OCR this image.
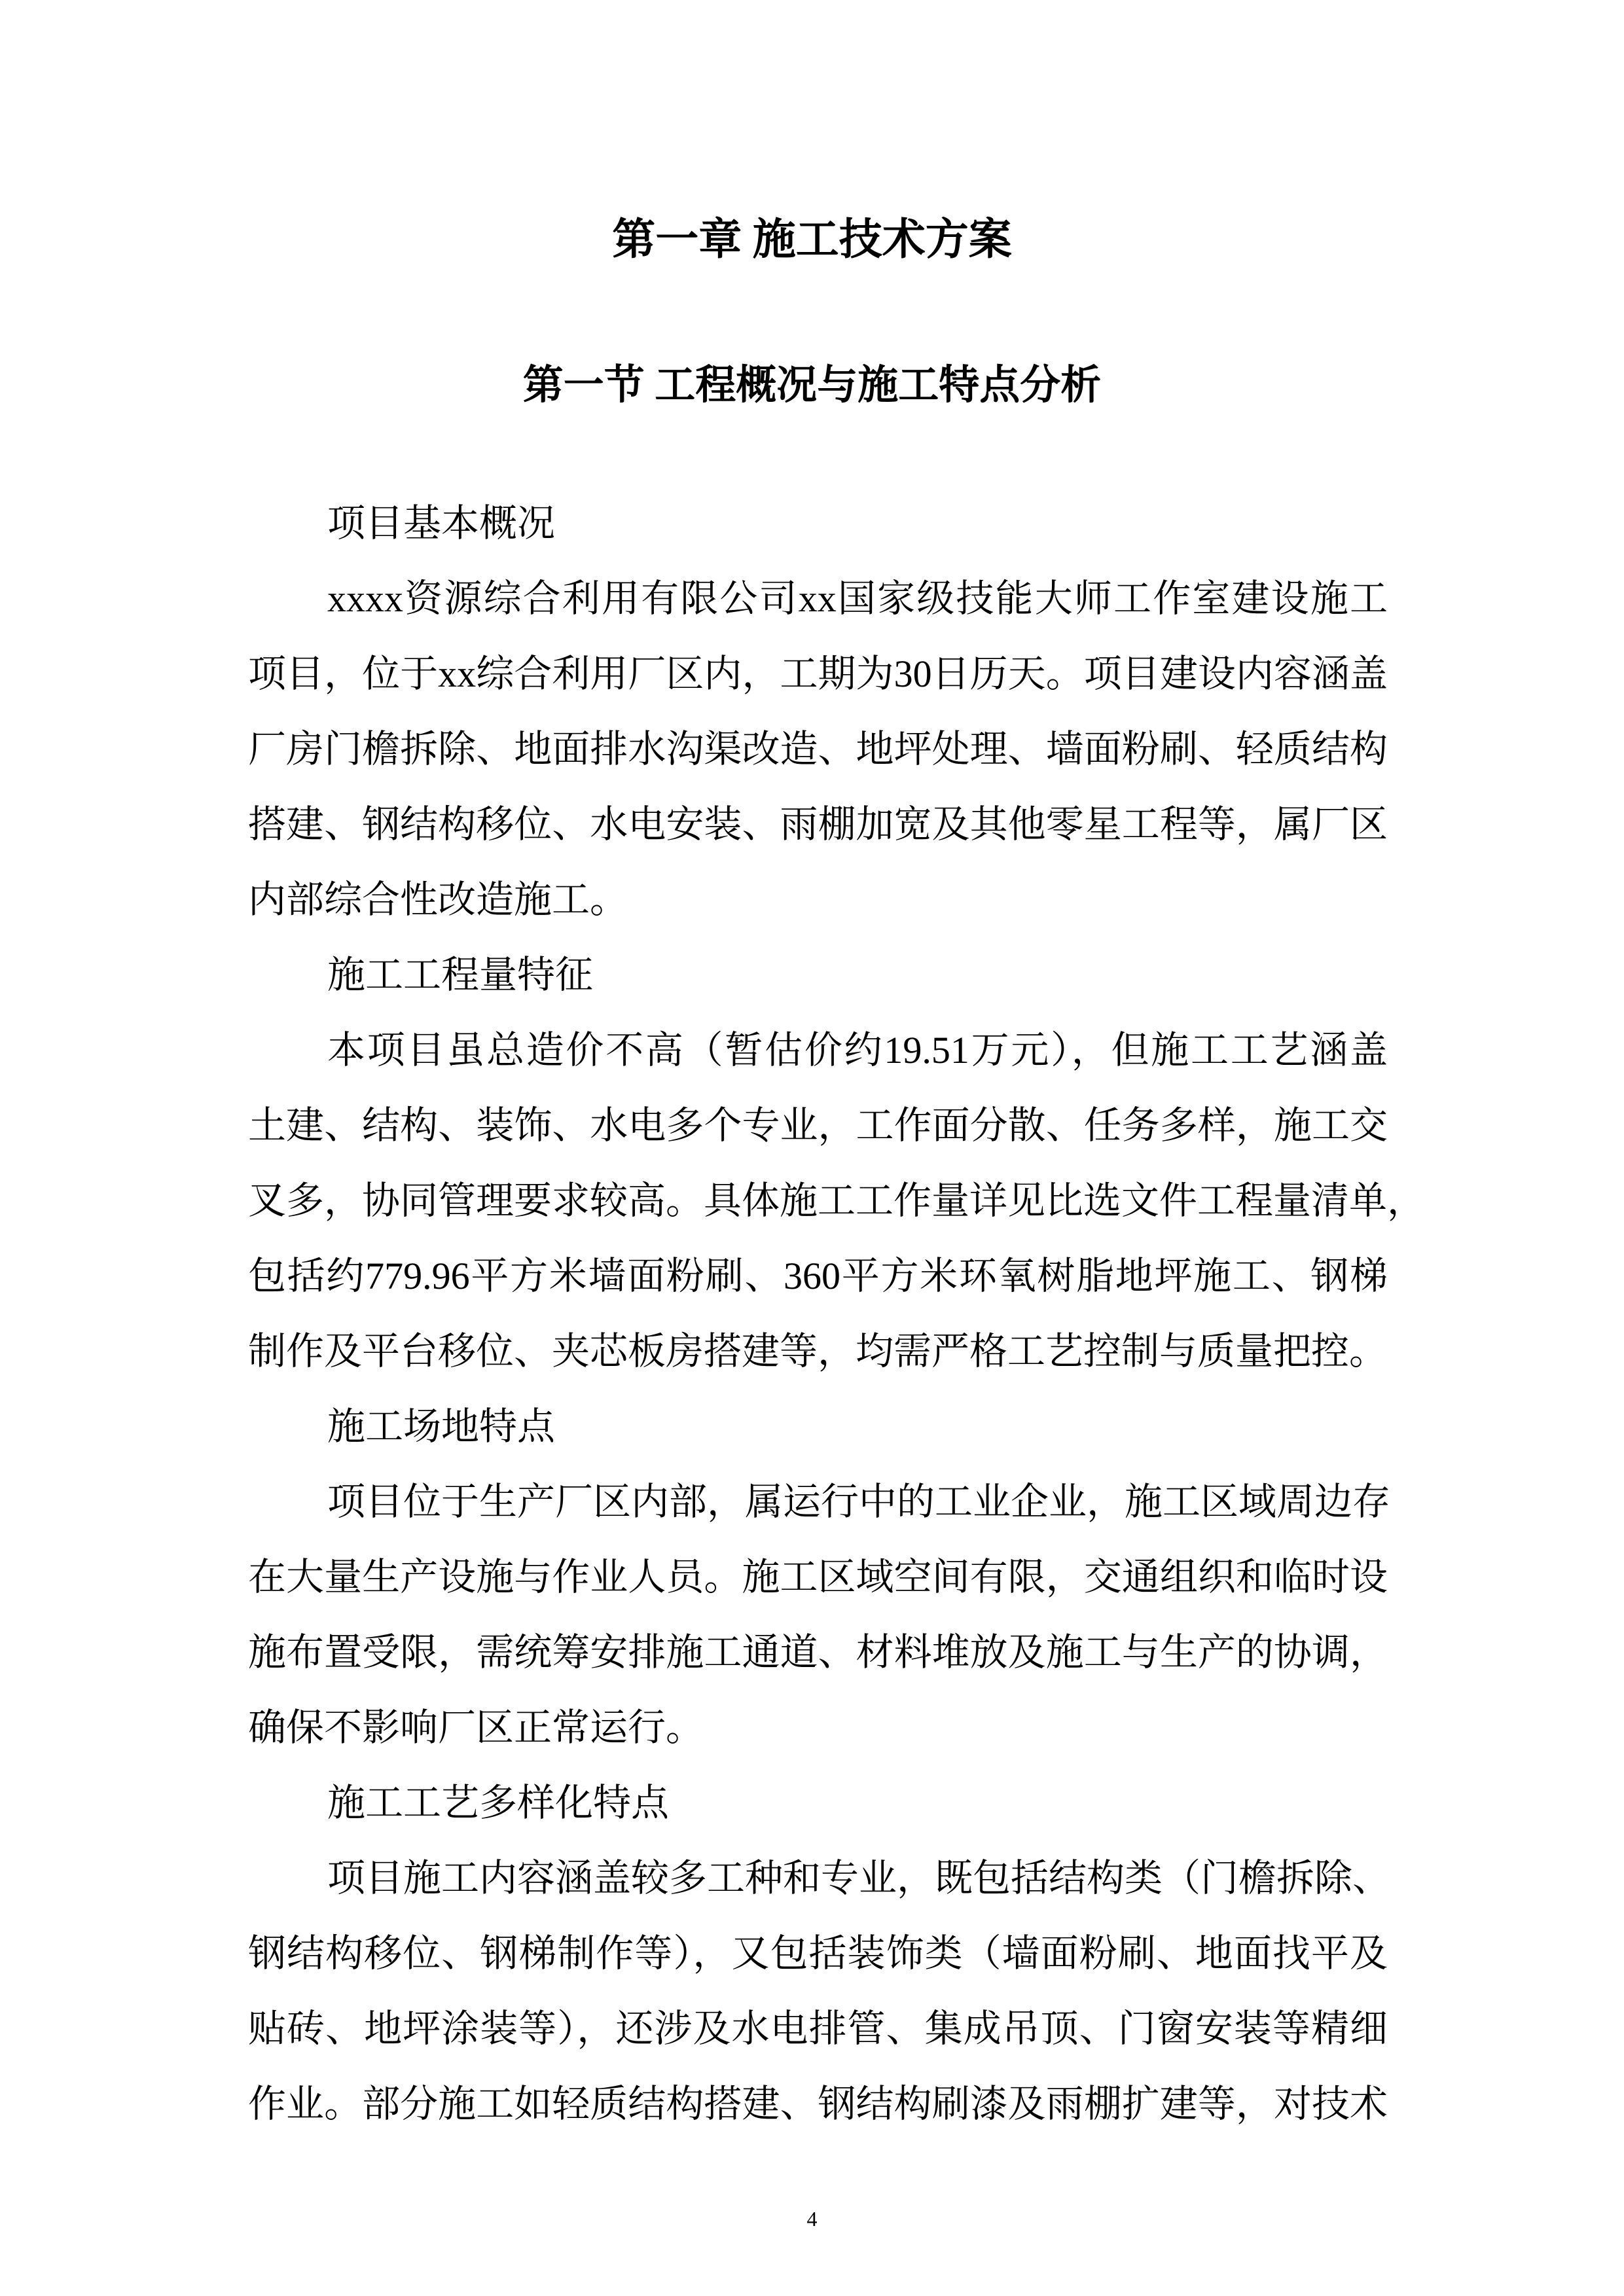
第一章 施工技术方案
第一节 工程概况与施工特点分析
项目基本概况
xxxx资源综合利用有限公司xx国家级技能大师工作室建设施工
项目，位于xx综合利用厂区内，工期为30日历天。项目建设内容涵盖
厂房门檐拆除、地面排水沟渠改造、地坪处理、墙面粉刷、轻质结构
搭建、钢结构移位、水电安装、雨棚加宽及其他零星工程等，属厂区
内部综合性改造施工。
施工工程量特征
本项目虽总造价不高（暂估价约19.51万元），但施工工艺涵盖
土建、结构、装饰、水电多个专业，工作面分散、任务多样，施工交
叉多，协同管理要求较高。具体施工工作量详见比选文件工程量清单，
包括约779.96平方米墙面粉刷、360平方米环氧树脂地坪施工、钢梯
制作及平台移位、夹芯板房搭建等，均需严格工艺控制与质量把控。
施工场地特点
项目位于生产厂区内部，属运行中的工业企业，施工区域周边存
在大量生产设施与作业人员。施工区域空间有限，交通组织和临时设
施布置受限，需统筹安排施工通道、材料堆放及施工与生产的协调，
确保不影响厂区正常运行。
施工工艺多样化特点
项目施工内容涵盖较多工种和专业，既包括结构类（门檐拆除、
钢结构移位、钢梯制作等），又包括装饰类（墙面粉刷、地面找平及
贴砖、地坪涂装等），还涉及水电排管、集成吊顶、门窗安装等精细
作业。部分施工如轻质结构搭建、钢结构刷漆及雨棚扩建等，对技术
4
